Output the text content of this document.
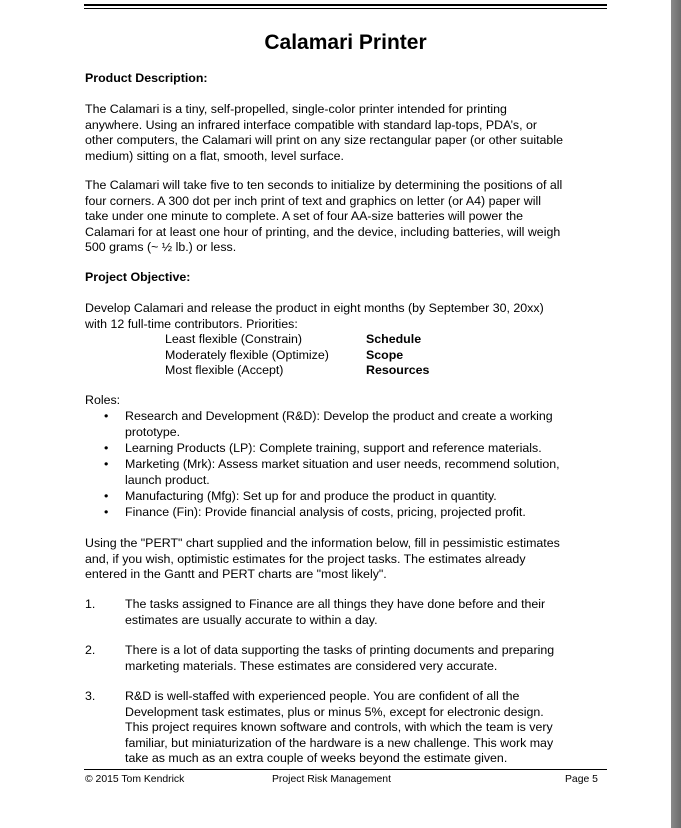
Calamari Printer
Product Description:
The Calamari is a tiny, self-propelled, single-color printer intended for printing
anywhere. Using an infrared interface compatible with standard lap-tops, PDA’s, or
other computers, the Calamari will print on any size rectangular paper (or other suitable
medium) sitting on a flat, smooth, level surface.
The Calamari will take five to ten seconds to initialize by determining the positions of all
four corners. A 300 dot per inch print of text and graphics on letter (or A4) paper will
take under one minute to complete. A set of four AA-size batteries will power the
Calamari for at least one hour of printing, and the device, including batteries, will weigh
500 grams (~ ½ lb.) or less.
Project Objective:
Develop Calamari and release the product in eight months (by September 30, 20xx)
with 12 full-time contributors. Priorities:
Least flexible (Constrain)	Schedule
Moderately flexible (Optimize)	Scope
Most flexible (Accept)	Resources
Roles:
• Research and Development (R&D): Develop the product and create a working
prototype.
• Learning Products (LP): Complete training, support and reference materials.
• Marketing (Mrk): Assess market situation and user needs, recommend solution,
launch product.
• Manufacturing (Mfg): Set up for and produce the product in quantity.
• Finance (Fin): Provide financial analysis of costs, pricing, projected profit.
Using the "PERT" chart supplied and the information below, fill in pessimistic estimates
and, if you wish, optimistic estimates for the project tasks. The estimates already
entered in the Gantt and PERT charts are "most likely".
1. The tasks assigned to Finance are all things they have done before and their
estimates are usually accurate to within a day.
2. There is a lot of data supporting the tasks of printing documents and preparing
marketing materials. These estimates are considered very accurate.
3. R&D is well-staffed with experienced people. You are confident of all the
Development task estimates, plus or minus 5%, except for electronic design.
This project requires known software and controls, with which the team is very
familiar, but miniaturization of the hardware is a new challenge. This work may
take as much as an extra couple of weeks beyond the estimate given.
© 2015 Tom Kendrick	Project Risk Management	Page 5
